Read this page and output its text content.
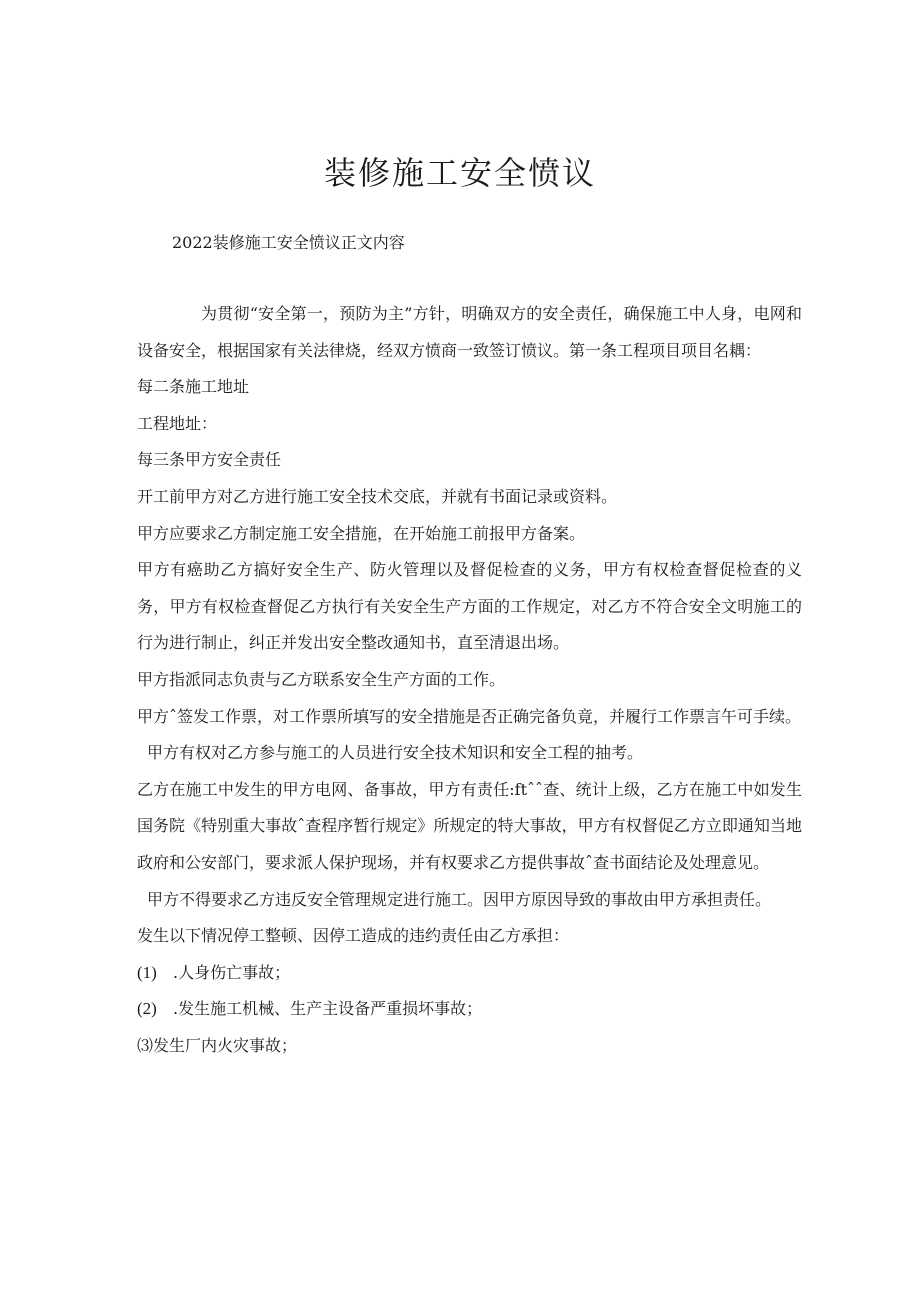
装修施工安全愤议

2022装修施工安全愤议正文内容

为贯彻“安全第一，预防为主”方针，明确双方的安全责任，确保施工中人身，电网和设备安全，根据国家有关法律烧，经双方愤商一致签订愤议。第一条工程项目项目名耦：

每二条施工地址

工程地址：

每三条甲方安全责任

开工前甲方对乙方进行施工安全技术交底，并就有书面记录或资料。

甲方应要求乙方制定施工安全措施，在开始施工前报甲方备案。

甲方有癌助乙方搞好安全生产、防火管理以及督促检查的义务，甲方有权检查督促检查的义务，甲方有权检查督促乙方执行有关安全生产方面的工作规定，对乙方不符合安全文明施工的行为进行制止，纠正并发出安全整改通知书，直至清退出场。

甲方指派同志负责与乙方联系安全生产方面的工作。

甲方ˆ签发工作票，对工作票所填写的安全措施是否正确完备负竟，并履行工作票言午可手续。

甲方有权对乙方参与施工的人员进行安全技术知识和安全工程的抽考。

乙方在施工中发生的甲方电网、备事故，甲方有责任:ftˆˆ查、统计上级，乙方在施工中如发生国务院《特别重大事故ˆ查程序暂行规定》所规定的特大事故，甲方有权督促乙方立即通知当地政府和公安部门，要求派人保护现场，并有权要求乙方提供事故ˆ查书面结论及处理意见。

甲方不得要求乙方违反安全管理规定进行施工。因甲方原因导致的事故由甲方承担责任。

发生以下情况停工整顿、因停工造成的违约责任由乙方承担：

(1) .人身伤亡事故；

(2) .发生施工机械、生产主设备严重损坏事故；

⑶发生厂内火灾事故；
